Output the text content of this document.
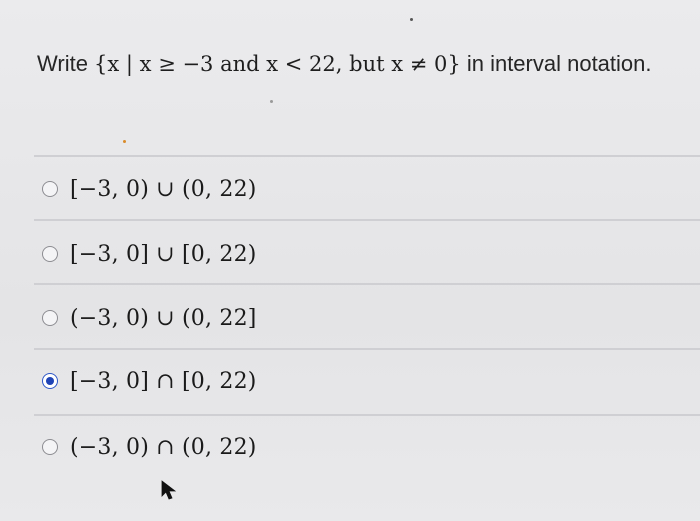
Write {x | x ≥ −3 and x < 22, but x ≠ 0} in interval notation.
[−3, 0) ∪ (0, 22)
[−3, 0] ∪ [0, 22)
(−3, 0) ∪ (0, 22]
[−3, 0] ∩ [0, 22)
(−3, 0) ∩ (0, 22)
